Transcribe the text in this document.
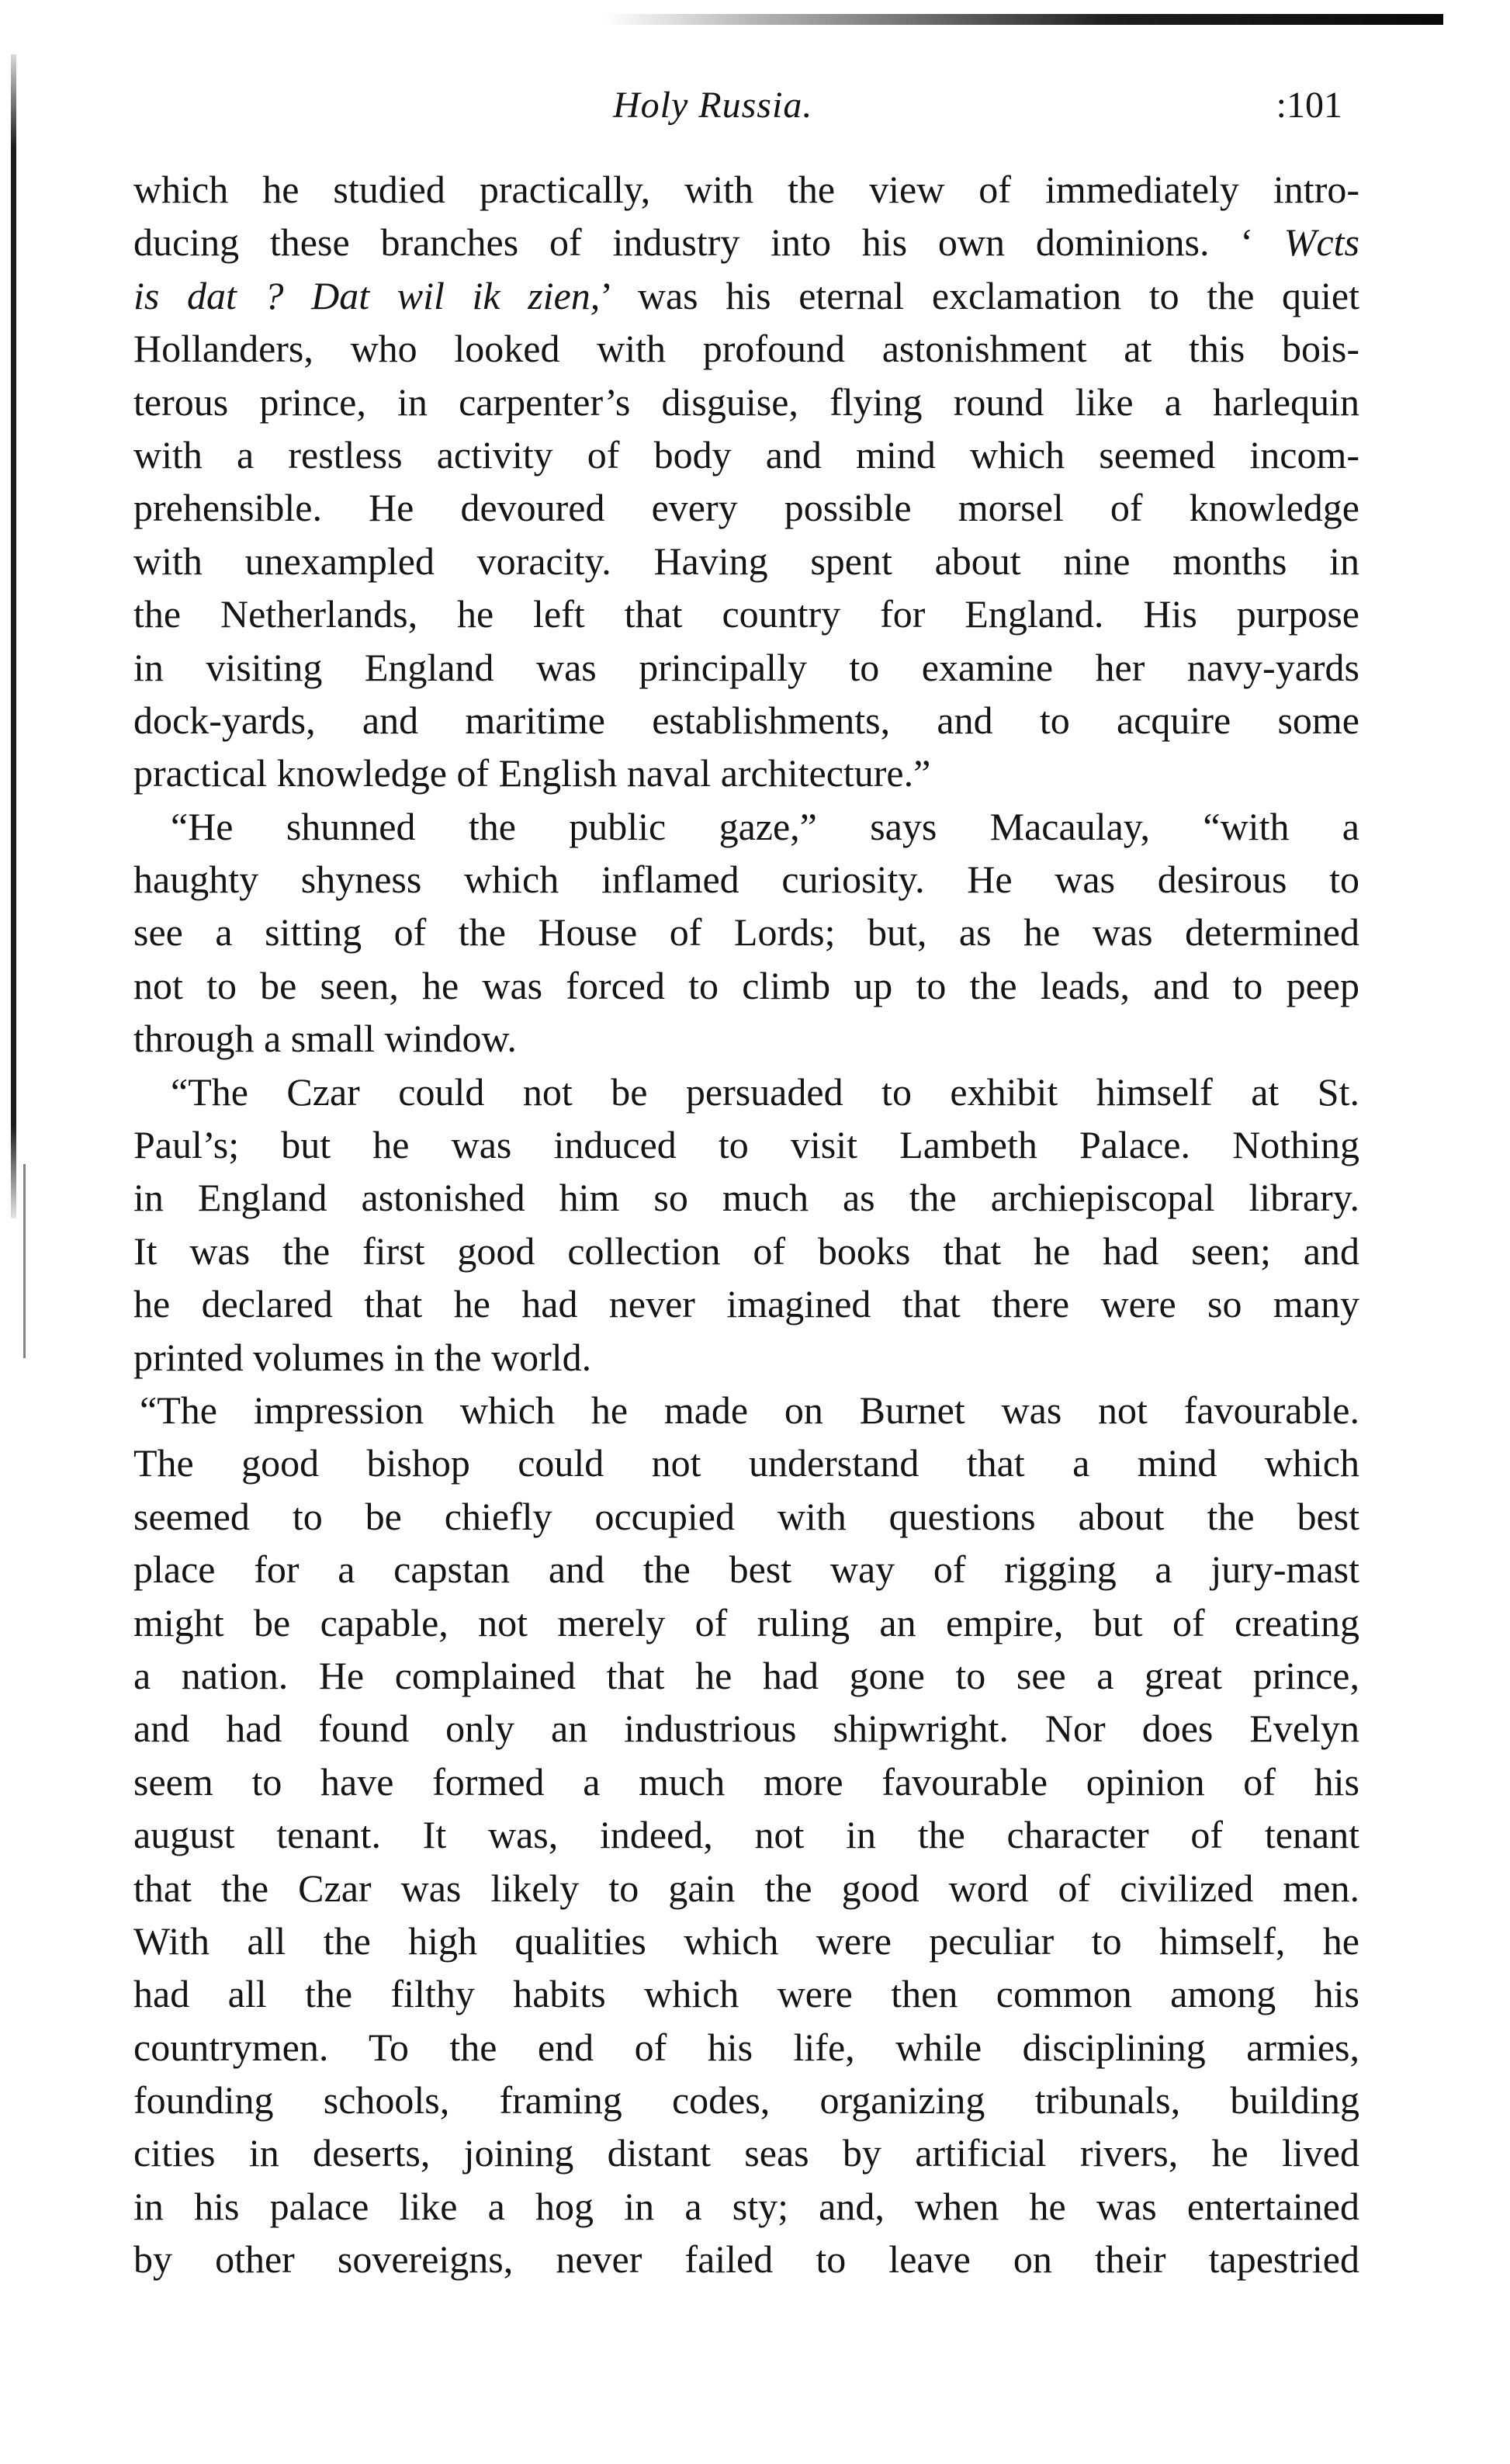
Holy Russia.	:101
which he studied practically, with the view of immediately intro-
ducing these branches of industry into his own dominions. ‘ Wcts
is dat ? Dat wil ik zien,’ was his eternal exclamation to the quiet
Hollanders, who looked with profound astonishment at this bois-
terous prince, in carpenter’s disguise, flying round like a harlequin
with a restless activity of body and mind which seemed incom-
prehensible. He devoured every possible morsel of knowledge
with unexampled voracity. Having spent about nine months in
the Netherlands, he left that country for England. His purpose
in visiting England was principally to examine her navy-yards
dock-yards, and maritime establishments, and to acquire some
practical knowledge of English naval architecture.”
“He shunned the public gaze,” says Macaulay, “with a
haughty shyness which inflamed curiosity. He was desirous to
see a sitting of the House of Lords; but, as he was determined
not to be seen, he was forced to climb up to the leads, and to peep
through a small window.
“The Czar could not be persuaded to exhibit himself at St.
Paul’s; but he was induced to visit Lambeth Palace. Nothing
in England astonished him so much as the archiepiscopal library.
It was the first good collection of books that he had seen; and
he declared that he had never imagined that there were so many
printed volumes in the world.
“The impression which he made on Burnet was not favourable.
The good bishop could not understand that a mind which
seemed to be chiefly occupied with questions about the best
place for a capstan and the best way of rigging a jury-mast
might be capable, not merely of ruling an empire, but of creating
a nation. He complained that he had gone to see a great prince,
and had found only an industrious shipwright. Nor does Evelyn
seem to have formed a much more favourable opinion of his
august tenant. It was, indeed, not in the character of tenant
that the Czar was likely to gain the good word of civilized men.
With all the high qualities which were peculiar to himself, he
had all the filthy habits which were then common among his
countrymen. To the end of his life, while disciplining armies,
founding schools, framing codes, organizing tribunals, building
cities in deserts, joining distant seas by artificial rivers, he lived
in his palace like a hog in a sty; and, when he was entertained
by other sovereigns, never failed to leave on their tapestried
